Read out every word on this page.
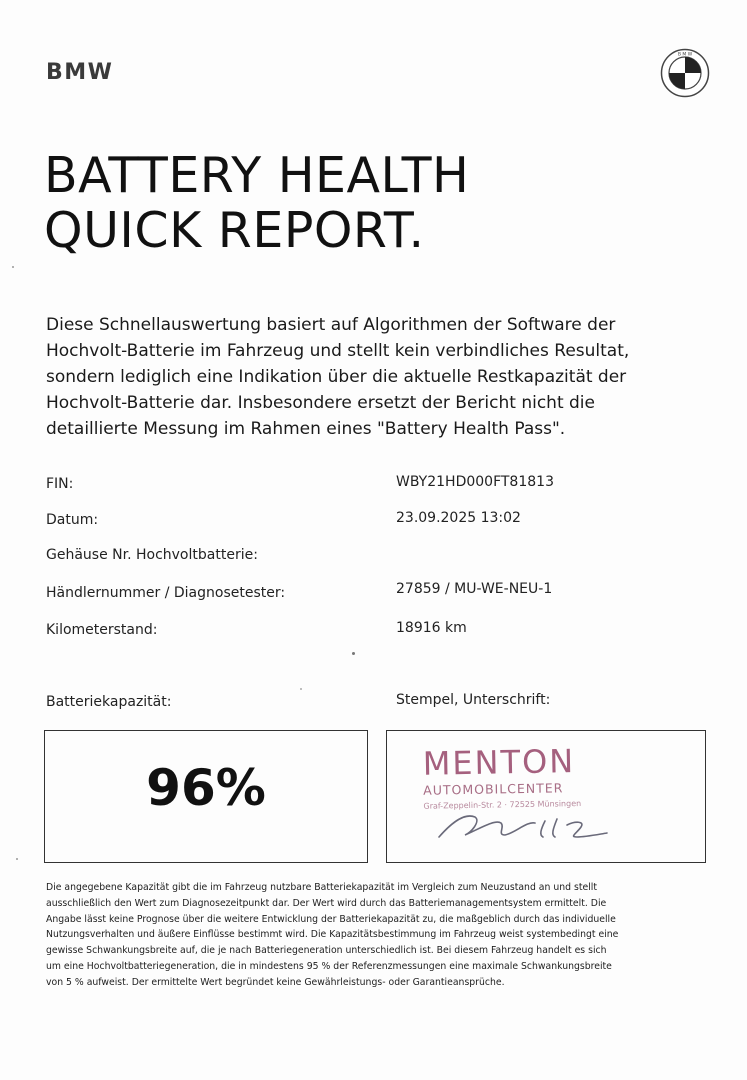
BMW
B M W
BATTERY HEALTH
QUICK REPORT.
Diese Schnellauswertung basiert auf Algorithmen der Software der
Hochvolt-Batterie im Fahrzeug und stellt kein verbindliches Resultat,
sondern lediglich eine Indikation über die aktuelle Restkapazität der
Hochvolt-Batterie dar. Insbesondere ersetzt der Bericht nicht die
detaillierte Messung im Rahmen eines "Battery Health Pass".
FIN:	WBY21HD000FT81813
Datum:	23.09.2025 13:02
Gehäuse Nr. Hochvoltbatterie:
Händlernummer / Diagnosetester:	27859 / MU-WE-NEU-1
Kilometerstand:	18916 km
Batteriekapazität:	Stempel, Unterschrift:
96%	MENTON
AUTOMOBILCENTER
Graf-Zeppelin-Str. 2 · 72525 Münsingen
Die angegebene Kapazität gibt die im Fahrzeug nutzbare Batteriekapazität im Vergleich zum Neuzustand an und stellt
ausschließlich den Wert zum Diagnosezeitpunkt dar. Der Wert wird durch das Batteriemanagementsystem ermittelt. Die
Angabe lässt keine Prognose über die weitere Entwicklung der Batteriekapazität zu, die maßgeblich durch das individuelle
Nutzungsverhalten und äußere Einflüsse bestimmt wird. Die Kapazitätsbestimmung im Fahrzeug weist systembedingt eine
gewisse Schwankungsbreite auf, die je nach Batteriegeneration unterschiedlich ist. Bei diesem Fahrzeug handelt es sich
um eine Hochvoltbatteriegeneration, die in mindestens 95 % der Referenzmessungen eine maximale Schwankungsbreite
von 5 % aufweist. Der ermittelte Wert begründet keine Gewährleistungs- oder Garantieansprüche.
